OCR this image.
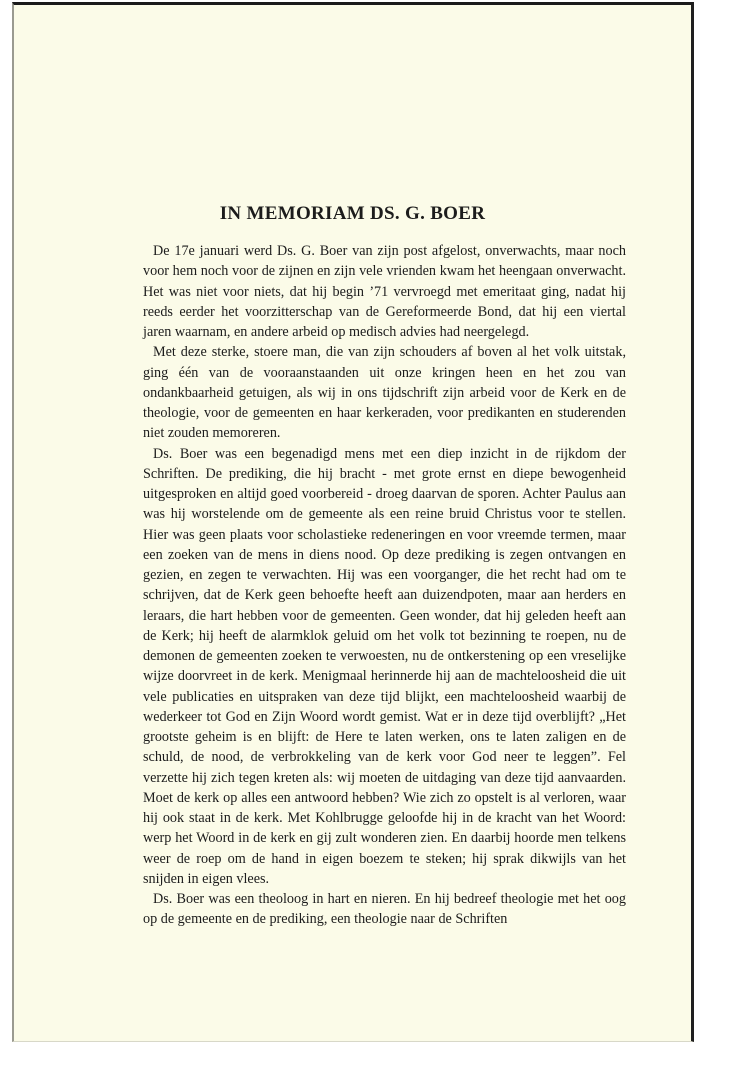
IN MEMORIAM DS. G. BOER

De 17e januari werd Ds. G. Boer van zijn post afgelost, onverwachts, maar noch voor hem noch voor de zijnen en zijn vele vrienden kwam het heengaan onverwacht. Het was niet voor niets, dat hij begin ’71 vervroegd met emeritaat ging, nadat hij reeds eerder het voorzitterschap van de Gereformeerde Bond, dat hij een viertal jaren waarnam, en andere arbeid op medisch advies had neergelegd.

Met deze sterke, stoere man, die van zijn schouders af boven al het volk uitstak, ging één van de vooraanstaanden uit onze kringen heen en het zou van ondankbaarheid getuigen, als wij in ons tijdschrift zijn arbeid voor de Kerk en de theologie, voor de gemeenten en haar kerkeraden, voor predikanten en studerenden niet zouden memoreren.

Ds. Boer was een begenadigd mens met een diep inzicht in de rijkdom der Schriften. De prediking, die hij bracht - met grote ernst en diepe bewogenheid uitgesproken en altijd goed voorbereid - droeg daarvan de sporen. Achter Paulus aan was hij worstelende om de gemeente als een reine bruid Christus voor te stellen. Hier was geen plaats voor scholastieke redeneringen en voor vreemde termen, maar een zoeken van de mens in diens nood. Op deze prediking is zegen ontvangen en gezien, en zegen te verwachten. Hij was een voorganger, die het recht had om te schrijven, dat de Kerk geen behoefte heeft aan duizendpoten, maar aan herders en leraars, die hart hebben voor de gemeenten. Geen wonder, dat hij geleden heeft aan de Kerk; hij heeft de alarmklok geluid om het volk tot bezinning te roepen, nu de demonen de gemeenten zoeken te verwoesten, nu de ontkerstening op een vreselijke wijze doorvreet in de kerk. Menigmaal herinnerde hij aan de machteloosheid die uit vele publicaties en uitspraken van deze tijd blijkt, een machteloosheid waarbij de wederkeer tot God en Zijn Woord wordt gemist. Wat er in deze tijd overblijft? „Het grootste geheim is en blijft: de Here te laten werken, ons te laten zaligen en de schuld, de nood, de verbrokkeling van de kerk voor God neer te leggen”. Fel verzette hij zich tegen kreten als: wij moeten de uitdaging van deze tijd aanvaarden. Moet de kerk op alles een antwoord hebben? Wie zich zo opstelt is al verloren, waar hij ook staat in de kerk. Met Kohlbrugge geloofde hij in de kracht van het Woord: werp het Woord in de kerk en gij zult wonderen zien. En daarbij hoorde men telkens weer de roep om de hand in eigen boezem te steken; hij sprak dikwijls van het snijden in eigen vlees.

Ds. Boer was een theoloog in hart en nieren. En hij bedreef theologie met het oog op de gemeente en de prediking, een theologie naar de Schriften
